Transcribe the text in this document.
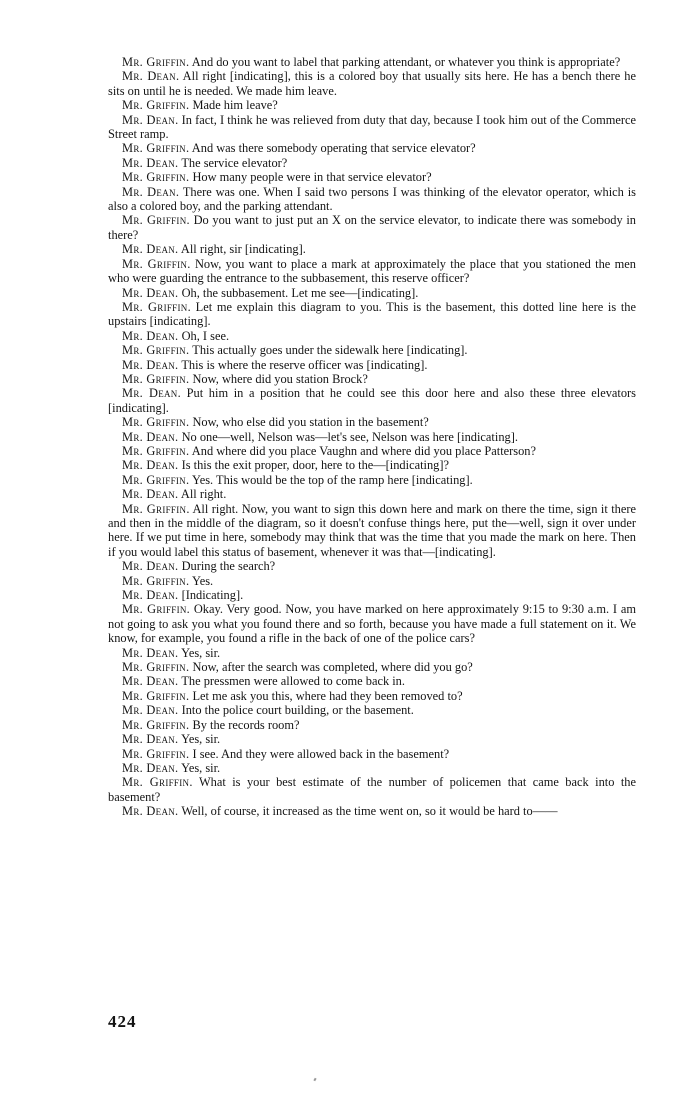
Mr. Griffin. And do you want to label that parking attendant, or whatever you think is appropriate?

Mr. Dean. All right [indicating], this is a colored boy that usually sits here. He has a bench there he sits on until he is needed. We made him leave.

Mr. Griffin. Made him leave?

Mr. Dean. In fact, I think he was relieved from duty that day, because I took him out of the Commerce Street ramp.

Mr. Griffin. And was there somebody operating that service elevator?

Mr. Dean. The service elevator?

Mr. Griffin. How many people were in that service elevator?

Mr. Dean. There was one. When I said two persons I was thinking of the elevator operator, which is also a colored boy, and the parking attendant.

Mr. Griffin. Do you want to just put an X on the service elevator, to indicate there was somebody in there?

Mr. Dean. All right, sir [indicating].

Mr. Griffin. Now, you want to place a mark at approximately the place that you stationed the men who were guarding the entrance to the subbasement, this reserve officer?

Mr. Dean. Oh, the subbasement. Let me see—[indicating].

Mr. Griffin. Let me explain this diagram to you. This is the basement, this dotted line here is the upstairs [indicating].

Mr. Dean. Oh, I see.

Mr. Griffin. This actually goes under the sidewalk here [indicating].

Mr. Dean. This is where the reserve officer was [indicating].

Mr. Griffin. Now, where did you station Brock?

Mr. Dean. Put him in a position that he could see this door here and also these three elevators [indicating].

Mr. Griffin. Now, who else did you station in the basement?

Mr. Dean. No one—well, Nelson was—let's see, Nelson was here [indicating].

Mr. Griffin. And where did you place Vaughn and where did you place Patterson?

Mr. Dean. Is this the exit proper, door, here to the—[indicating]?

Mr. Griffin. Yes. This would be the top of the ramp here [indicating].

Mr. Dean. All right.

Mr. Griffin. All right. Now, you want to sign this down here and mark on there the time, sign it there and then in the middle of the diagram, so it doesn't confuse things here, put the—well, sign it over under here. If we put time in here, somebody may think that was the time that you made the mark on here. Then if you would label this status of basement, whenever it was that—[indicating].

Mr. Dean. During the search?

Mr. Griffin. Yes.

Mr. Dean. [Indicating].

Mr. Griffin. Okay. Very good. Now, you have marked on here approximately 9:15 to 9:30 a.m. I am not going to ask you what you found there and so forth, because you have made a full statement on it. We know, for example, you found a rifle in the back of one of the police cars?

Mr. Dean. Yes, sir.

Mr. Griffin. Now, after the search was completed, where did you go?

Mr. Dean. The pressmen were allowed to come back in.

Mr. Griffin. Let me ask you this, where had they been removed to?

Mr. Dean. Into the police court building, or the basement.

Mr. Griffin. By the records room?

Mr. Dean. Yes, sir.

Mr. Griffin. I see. And they were allowed back in the basement?

Mr. Dean. Yes, sir.

Mr. Griffin. What is your best estimate of the number of policemen that came back into the basement?

Mr. Dean. Well, of course, it increased as the time went on, so it would be hard to——

424
